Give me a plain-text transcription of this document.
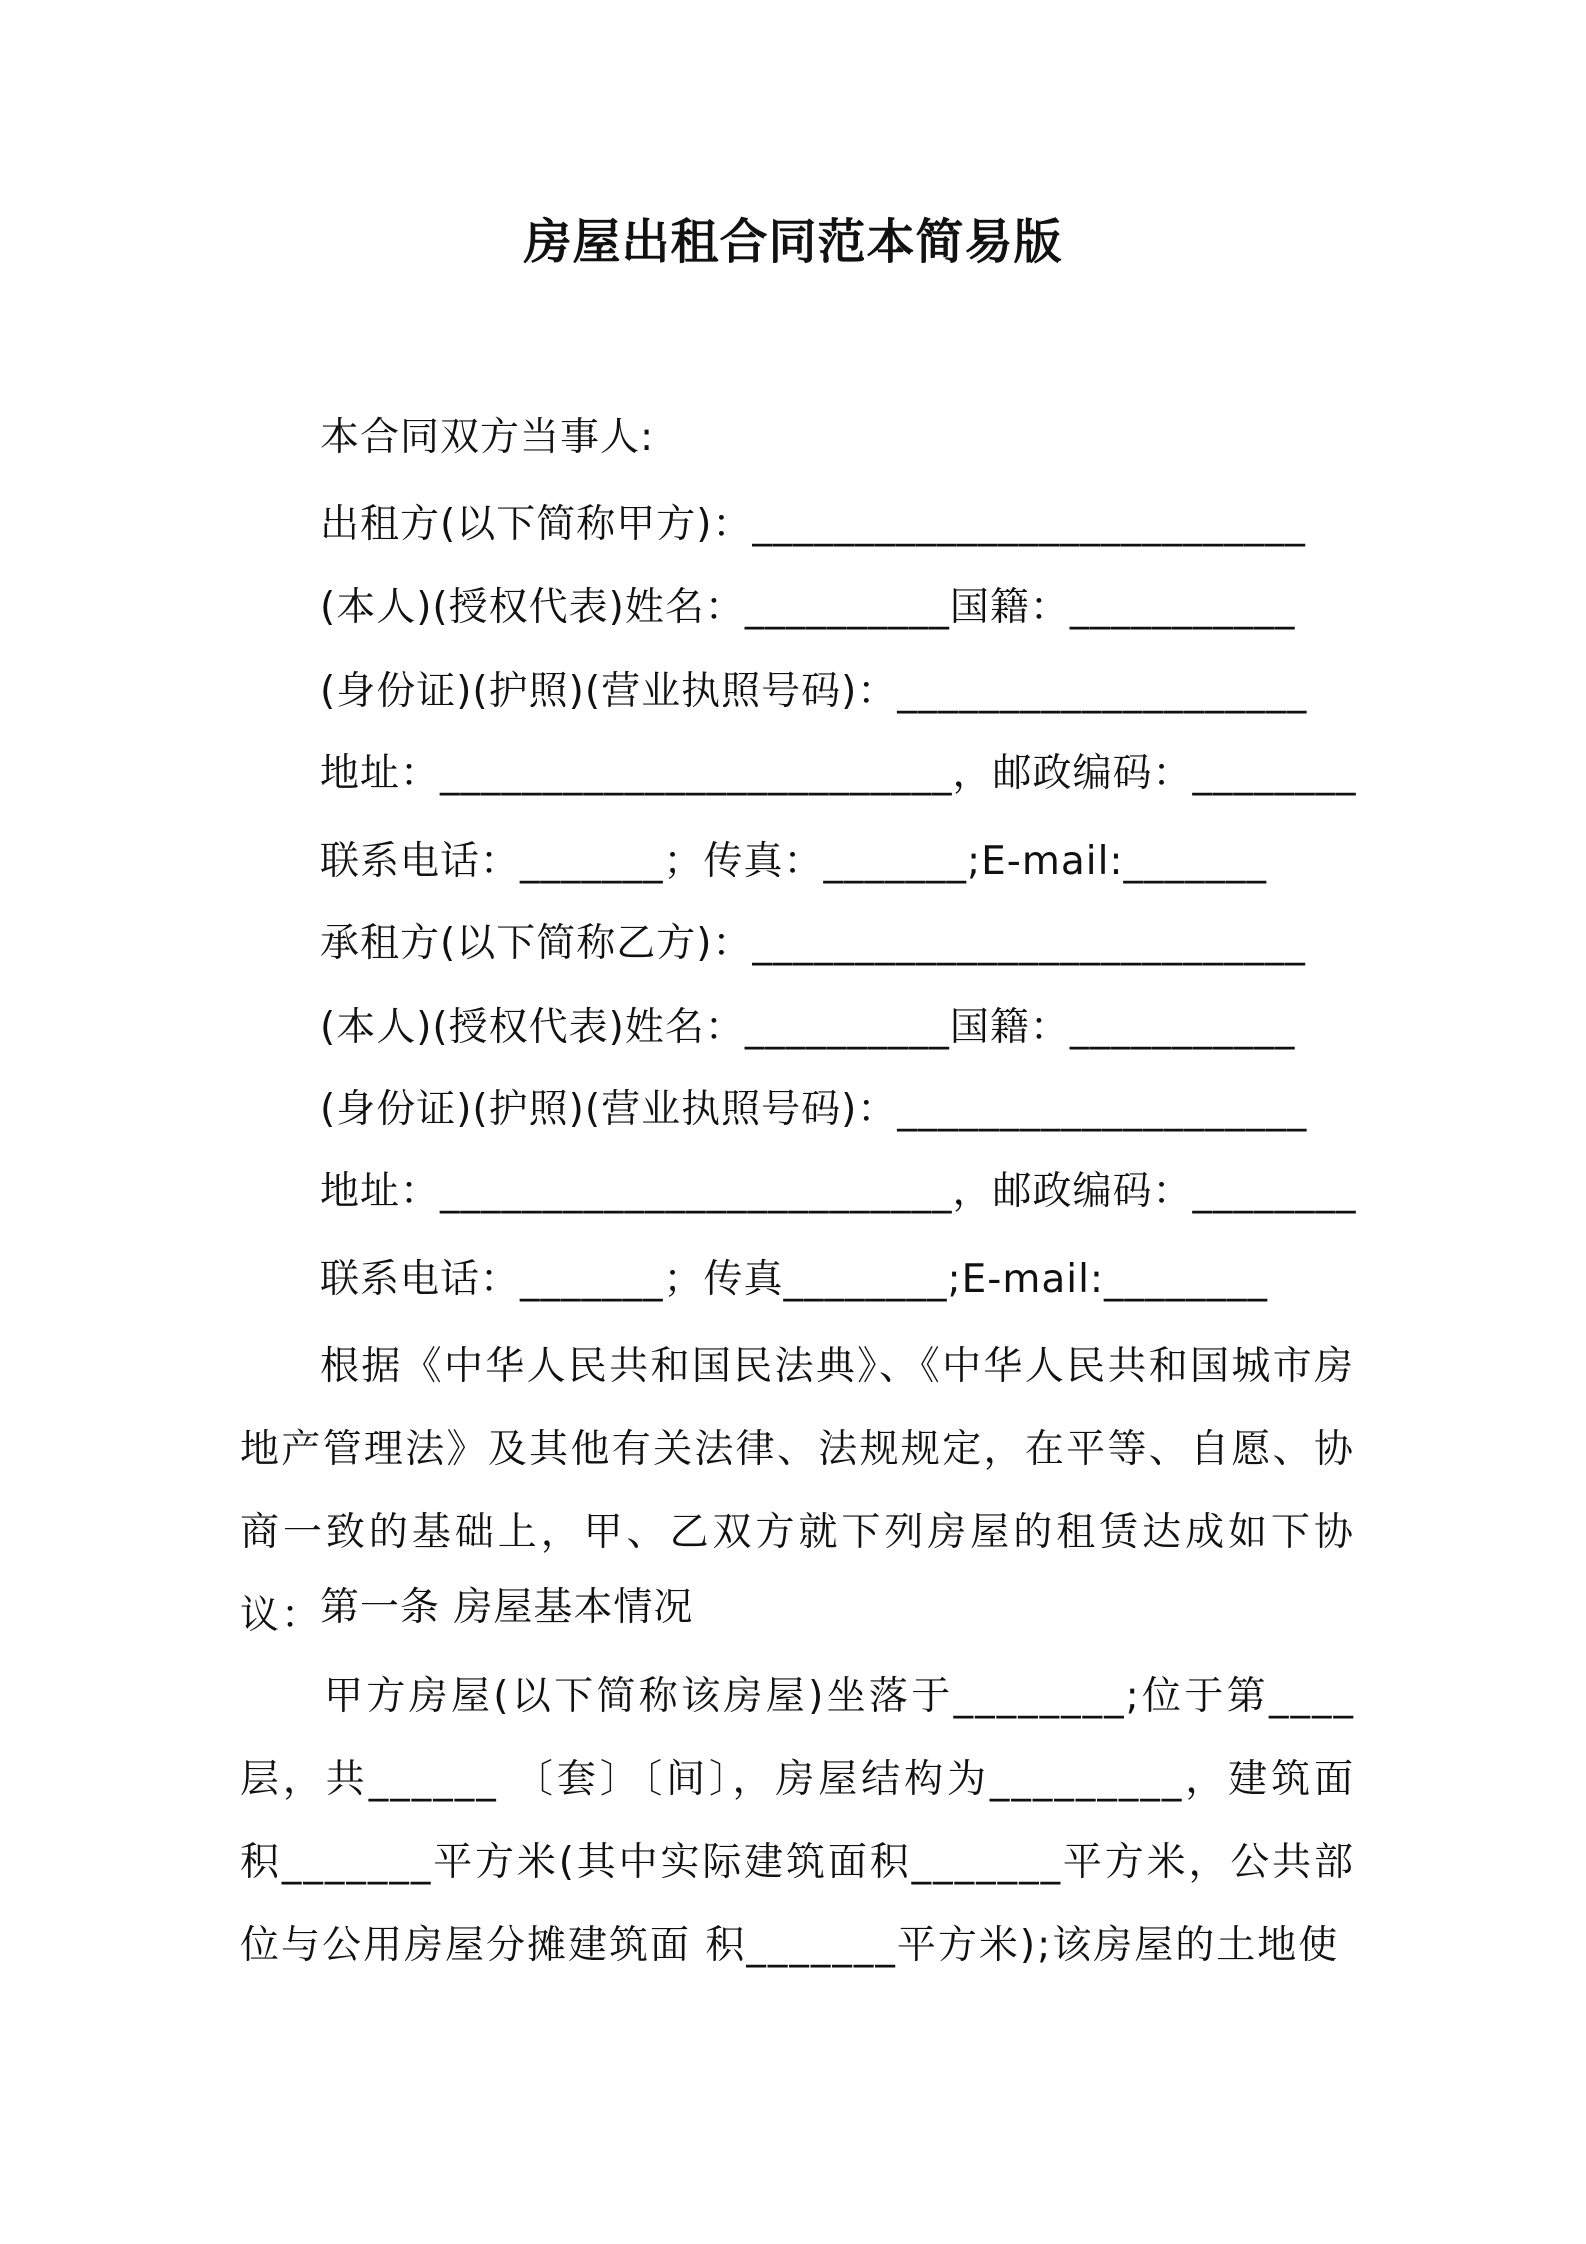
房屋出租合同范本简易版
本合同双方当事人:
出租方(以下简称甲方)：___________________________
(本人)(授权代表)姓名：__________国籍：___________
(身份证)(护照)(营业执照号码)：____________________
地址：_________________________，邮政编码：________
联系电话：_______；传真：_______;E-mail:_______
承租方(以下简称乙方)：___________________________
(本人)(授权代表)姓名：__________国籍：___________
(身份证)(护照)(营业执照号码)：____________________
地址：_________________________，邮政编码：________
联系电话：_______；传真________;E-mail:________

根据《中华人民共和国民法典》、《中华人民共和国城市房地产管理法》及其他有关法律、法规规定，在平等、自愿、协商一致的基础上，甲、乙双方就下列房屋的租赁达成如下协议：

第一条 房屋基本情况

甲方房屋(以下简称该房屋)坐落于________;位于第____层，共______ 〔套〕〔间〕，房屋结构为_________，建筑面积_______平方米(其中实际建筑面积_______平方米，公共部位与公用房屋分摊建筑面 积_______平方米);该房屋的土地使
